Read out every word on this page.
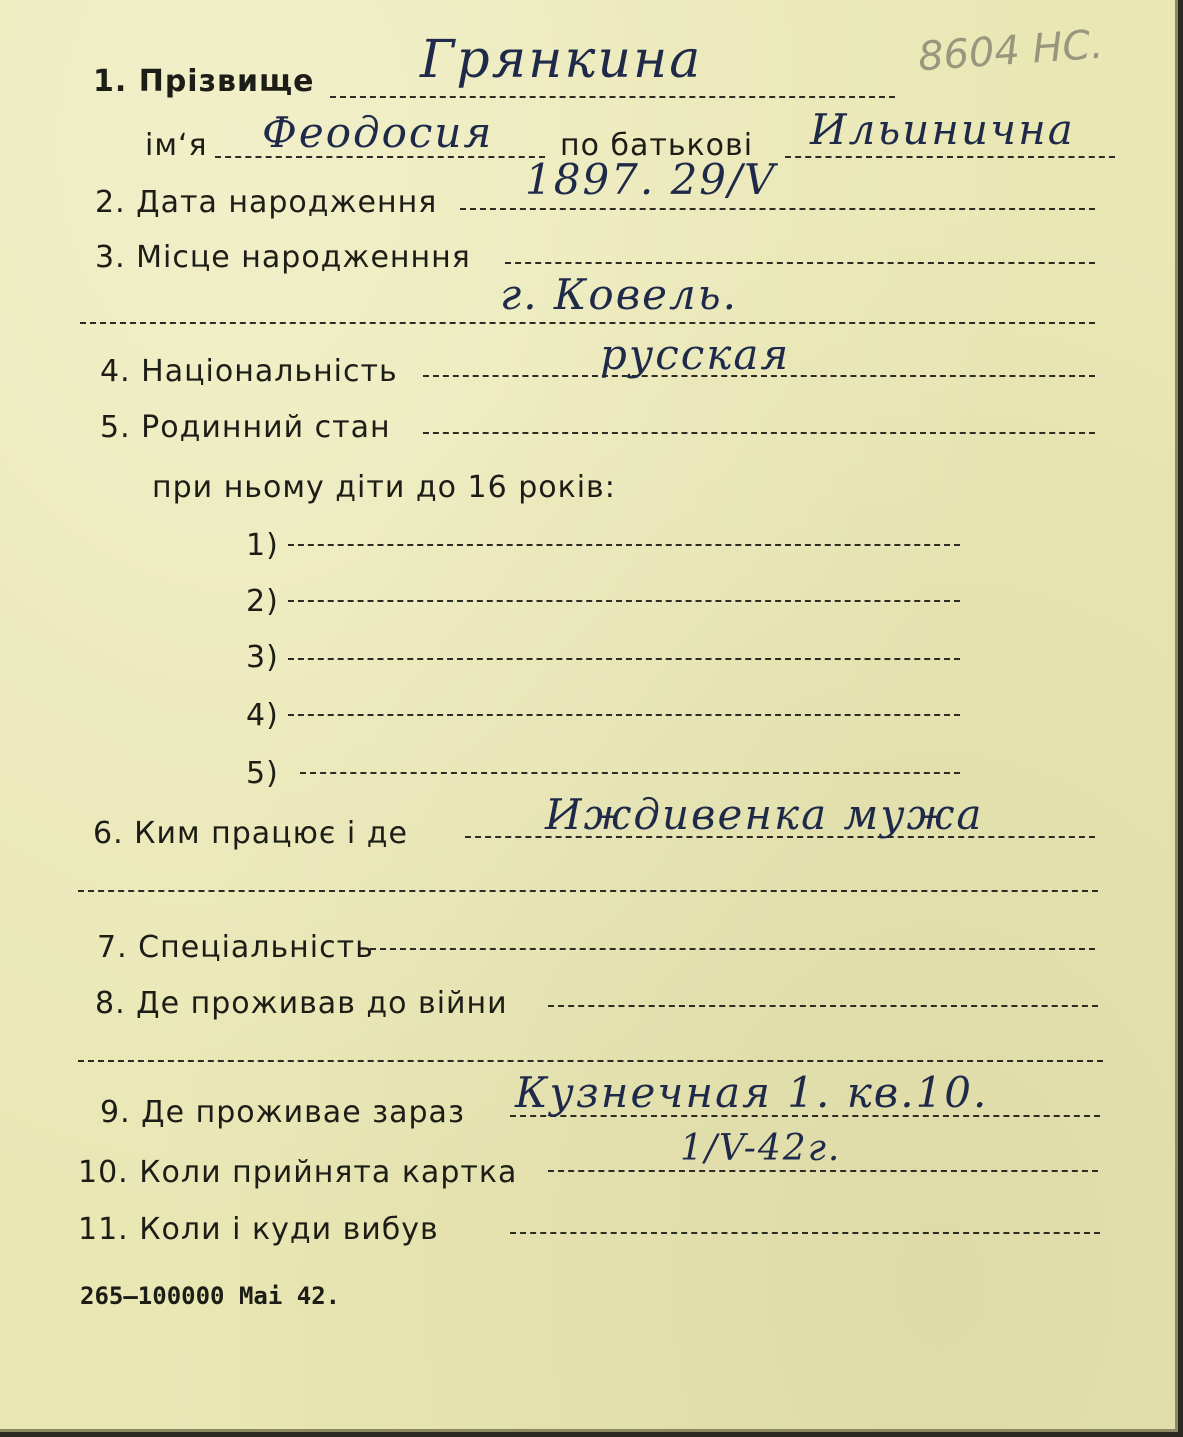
8604 НС.
1. Прізвище Грянкина
ім‘я Феодосия по батькові Ильинична
2. Дата народження 1897. 29/V
3. Місце народженння
г. Ковель.
4. Національність	русская
5. Родинний стан
при ньому діти до 16 років:
1)
2)
3)
4)
5)
6. Ким працює і де	Иждивенка мужа
7. Спеціальність
8. Де проживав до війни
9. Де проживае зараз Кузнечная 1. кв.10.
10. Коли прийнята картка
1/V-42г.
11. Коли і куди вибув
265–100000 Mai 42.
